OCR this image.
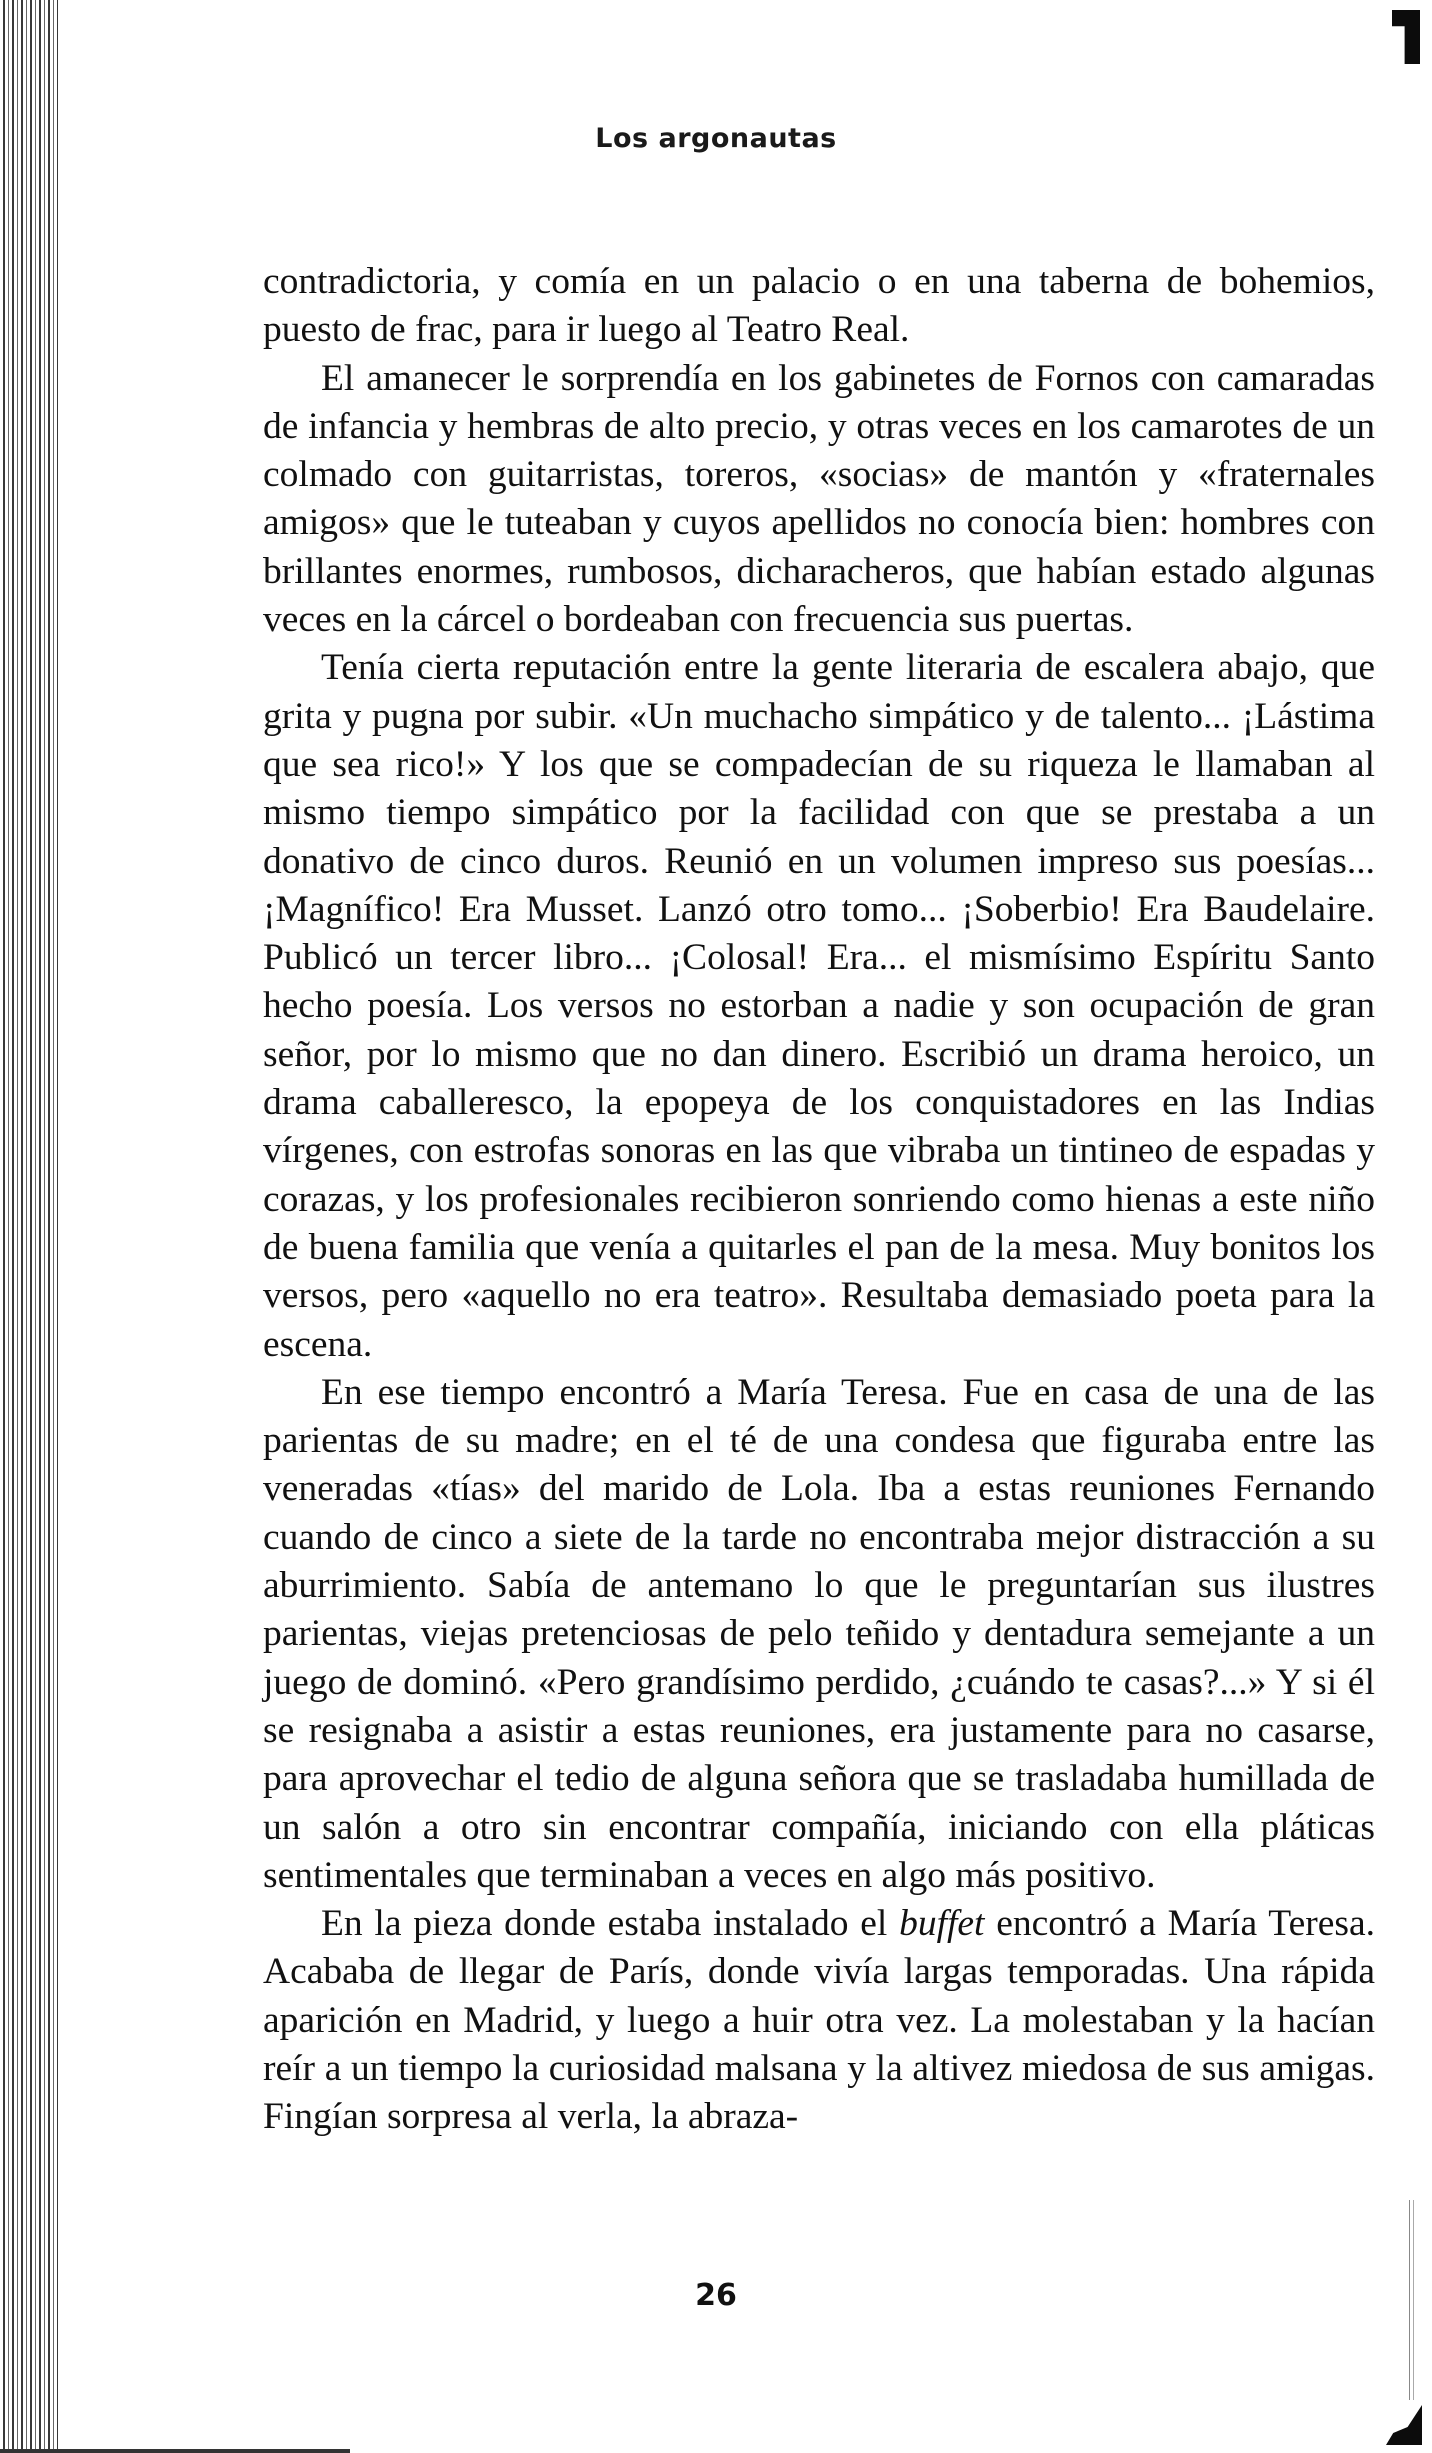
Los argonautas

contradictoria, y comía en un palacio o en una taberna de bohemios, puesto de frac, para ir luego al Teatro Real.

El amanecer le sorprendía en los gabinetes de Fornos con camaradas de infancia y hembras de alto precio, y otras veces en los camarotes de un colmado con guitarristas, toreros, «socias» de mantón y «fraternales amigos» que le tuteaban y cuyos apellidos no conocía bien: hombres con brillantes enormes, rumbosos, dicharacheros, que habían estado algunas veces en la cárcel o bordeaban con frecuencia sus puertas.

Tenía cierta reputación entre la gente literaria de escalera abajo, que grita y pugna por subir. «Un muchacho simpático y de talento... ¡Lástima que sea rico!» Y los que se compadecían de su riqueza le llamaban al mismo tiempo simpático por la facilidad con que se prestaba a un donativo de cinco duros. Reunió en un volumen impreso sus poesías... ¡Magnífico! Era Musset. Lanzó otro tomo... ¡Soberbio! Era Baudelaire. Publicó un tercer libro... ¡Colosal! Era... el mismísimo Espíritu Santo hecho poesía. Los versos no estorban a nadie y son ocupación de gran señor, por lo mismo que no dan dinero. Escribió un drama heroico, un drama caballeresco, la epopeya de los conquistadores en las Indias vírgenes, con estrofas sonoras en las que vibraba un tintineo de espadas y corazas, y los profesionales recibieron sonriendo como hienas a este niño de buena familia que venía a quitarles el pan de la mesa. Muy bonitos los versos, pero «aquello no era teatro». Resultaba demasiado poeta para la escena.

En ese tiempo encontró a María Teresa. Fue en casa de una de las parientas de su madre; en el té de una condesa que figuraba entre las veneradas «tías» del marido de Lola. Iba a estas reuniones Fernando cuando de cinco a siete de la tarde no encontraba mejor distracción a su aburrimiento. Sabía de antemano lo que le preguntarían sus ilustres parientas, viejas pretenciosas de pelo teñido y dentadura semejante a un juego de dominó. «Pero grandísimo perdido, ¿cuándo te casas?...» Y si él se resignaba a asistir a estas reuniones, era justamente para no casarse, para aprovechar el tedio de alguna señora que se trasladaba humillada de un salón a otro sin encontrar compañía, iniciando con ella pláticas sentimentales que terminaban a veces en algo más positivo.

En la pieza donde estaba instalado el buffet encontró a María Teresa. Acababa de llegar de París, donde vivía largas temporadas. Una rápida aparición en Madrid, y luego a huir otra vez. La molestaban y la hacían reír a un tiempo la curiosidad malsana y la altivez miedosa de sus amigas. Fingían sorpresa al verla, la abraza-

26
